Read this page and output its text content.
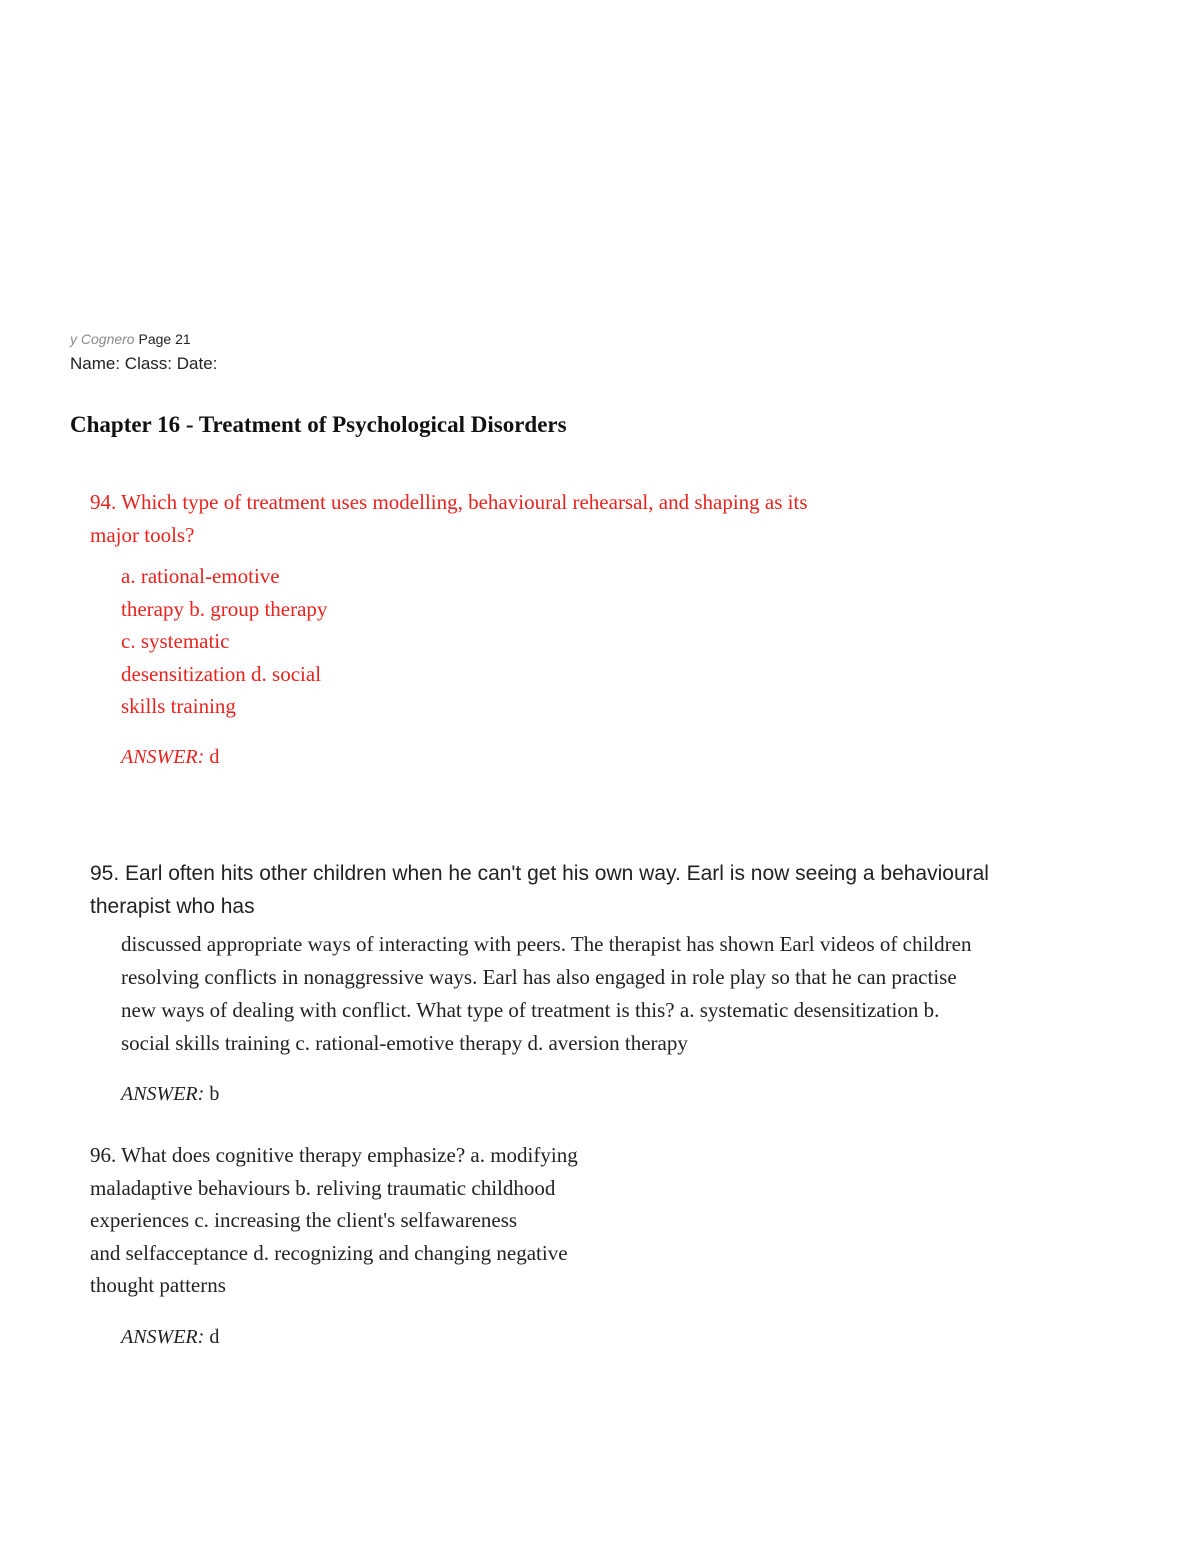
y Cognero Page 21
Name: Class: Date:
Chapter 16 - Treatment of Psychological Disorders
94. Which type of treatment uses modelling, behavioural rehearsal, and shaping as its
major tools?
a. rational-emotive
therapy b. group therapy
c. systematic
desensitization d. social
skills training
ANSWER: d
95. Earl often hits other children when he can't get his own way. Earl is now seeing a behavioural
therapist who has
discussed appropriate ways of interacting with peers. The therapist has shown Earl videos of children
resolving conflicts in nonaggressive ways. Earl has also engaged in role play so that he can practise
new ways of dealing with conflict. What type of treatment is this? a. systematic desensitization b.
social skills training c. rational-emotive therapy d. aversion therapy
ANSWER: b
96. What does cognitive therapy emphasize? a. modifying
maladaptive behaviours b. reliving traumatic childhood
experiences c. increasing the client's selfawareness
and selfacceptance d. recognizing and changing negative
thought patterns
ANSWER: d
